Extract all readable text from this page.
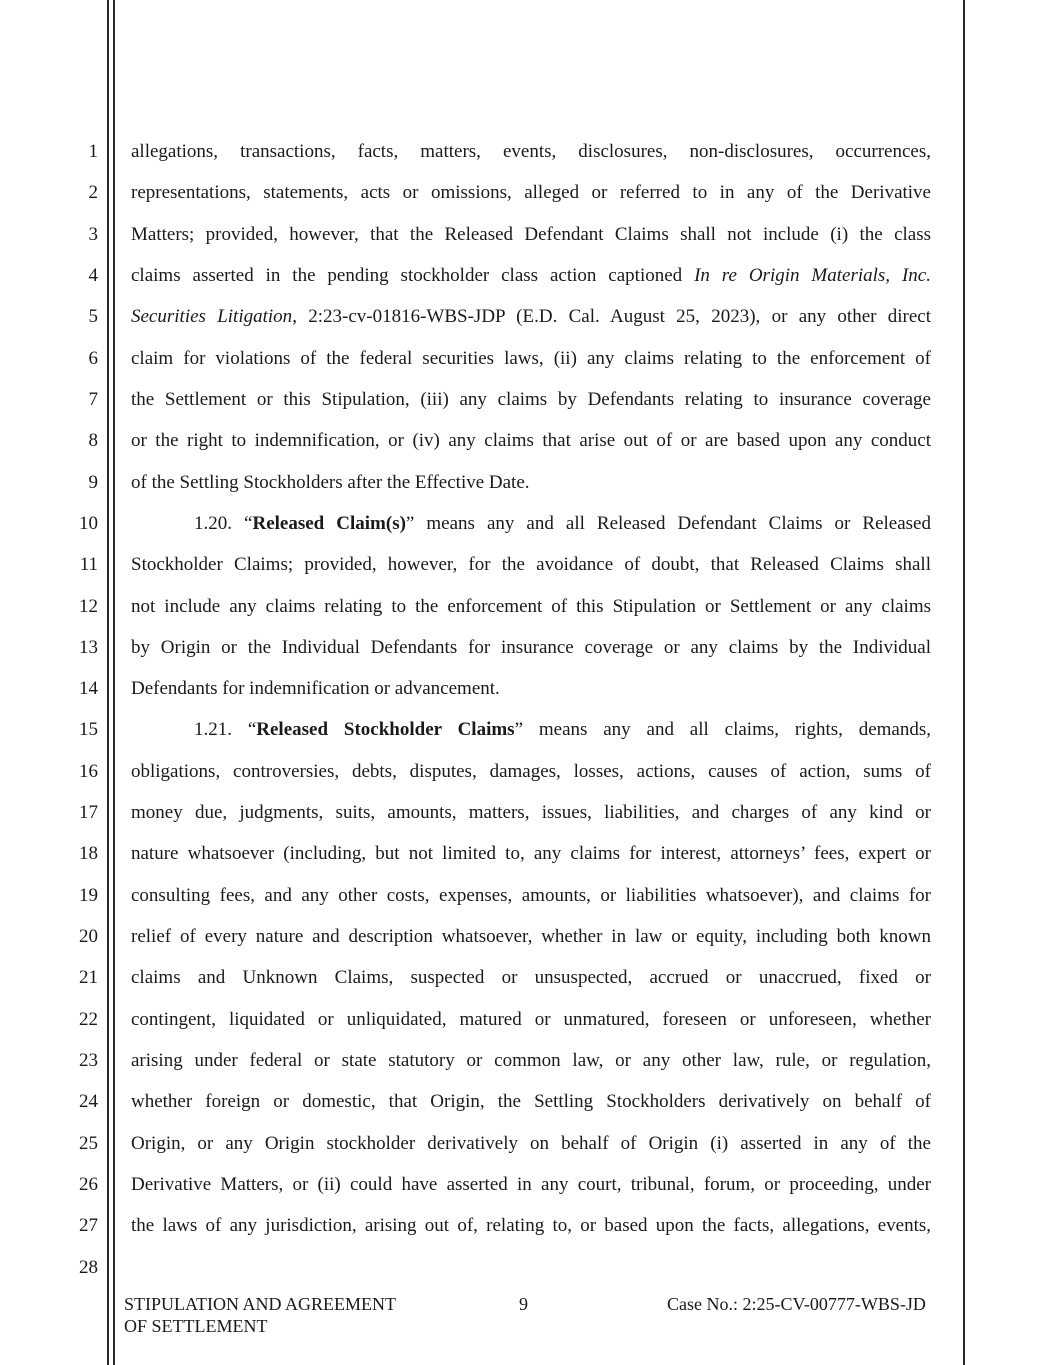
1
2
3
4
5
6
7
8
9
10
11
12
13
14
15
16
17
18
19
20
21
22
23
24
25
26
27
28
allegations, transactions, facts, matters, events, disclosures, non-disclosures, occurrences,
representations, statements, acts or omissions, alleged or referred to in any of the Derivative
Matters; provided, however, that the Released Defendant Claims shall not include (i) the class
claims asserted in the pending stockholder class action captioned In re Origin Materials, Inc.
Securities Litigation, 2:23-cv-01816-WBS-JDP (E.D. Cal. August 25, 2023), or any other direct
claim for violations of the federal securities laws, (ii) any claims relating to the enforcement of
the Settlement or this Stipulation, (iii) any claims by Defendants relating to insurance coverage
or the right to indemnification, or (iv) any claims that arise out of or are based upon any conduct
of the Settling Stockholders after the Effective Date.
1.20. “Released Claim(s)” means any and all Released Defendant Claims or Released
Stockholder Claims; provided, however, for the avoidance of doubt, that Released Claims shall
not include any claims relating to the enforcement of this Stipulation or Settlement or any claims
by Origin or the Individual Defendants for insurance coverage or any claims by the Individual
Defendants for indemnification or advancement.
1.21. “Released Stockholder Claims” means any and all claims, rights, demands,
obligations, controversies, debts, disputes, damages, losses, actions, causes of action, sums of
money due, judgments, suits, amounts, matters, issues, liabilities, and charges of any kind or
nature whatsoever (including, but not limited to, any claims for interest, attorneys’ fees, expert or
consulting fees, and any other costs, expenses, amounts, or liabilities whatsoever), and claims for
relief of every nature and description whatsoever, whether in law or equity, including both known
claims and Unknown Claims, suspected or unsuspected, accrued or unaccrued, fixed or
contingent, liquidated or unliquidated, matured or unmatured, foreseen or unforeseen, whether
arising under federal or state statutory or common law, or any other law, rule, or regulation,
whether foreign or domestic, that Origin, the Settling Stockholders derivatively on behalf of
Origin, or any Origin stockholder derivatively on behalf of Origin (i) asserted in any of the
Derivative Matters, or (ii) could have asserted in any court, tribunal, forum, or proceeding, under
the laws of any jurisdiction, arising out of, relating to, or based upon the facts, allegations, events,
STIPULATION AND AGREEMENT
OF SETTLEMENT
9	Case No.: 2:25-CV-00777-WBS-JD
